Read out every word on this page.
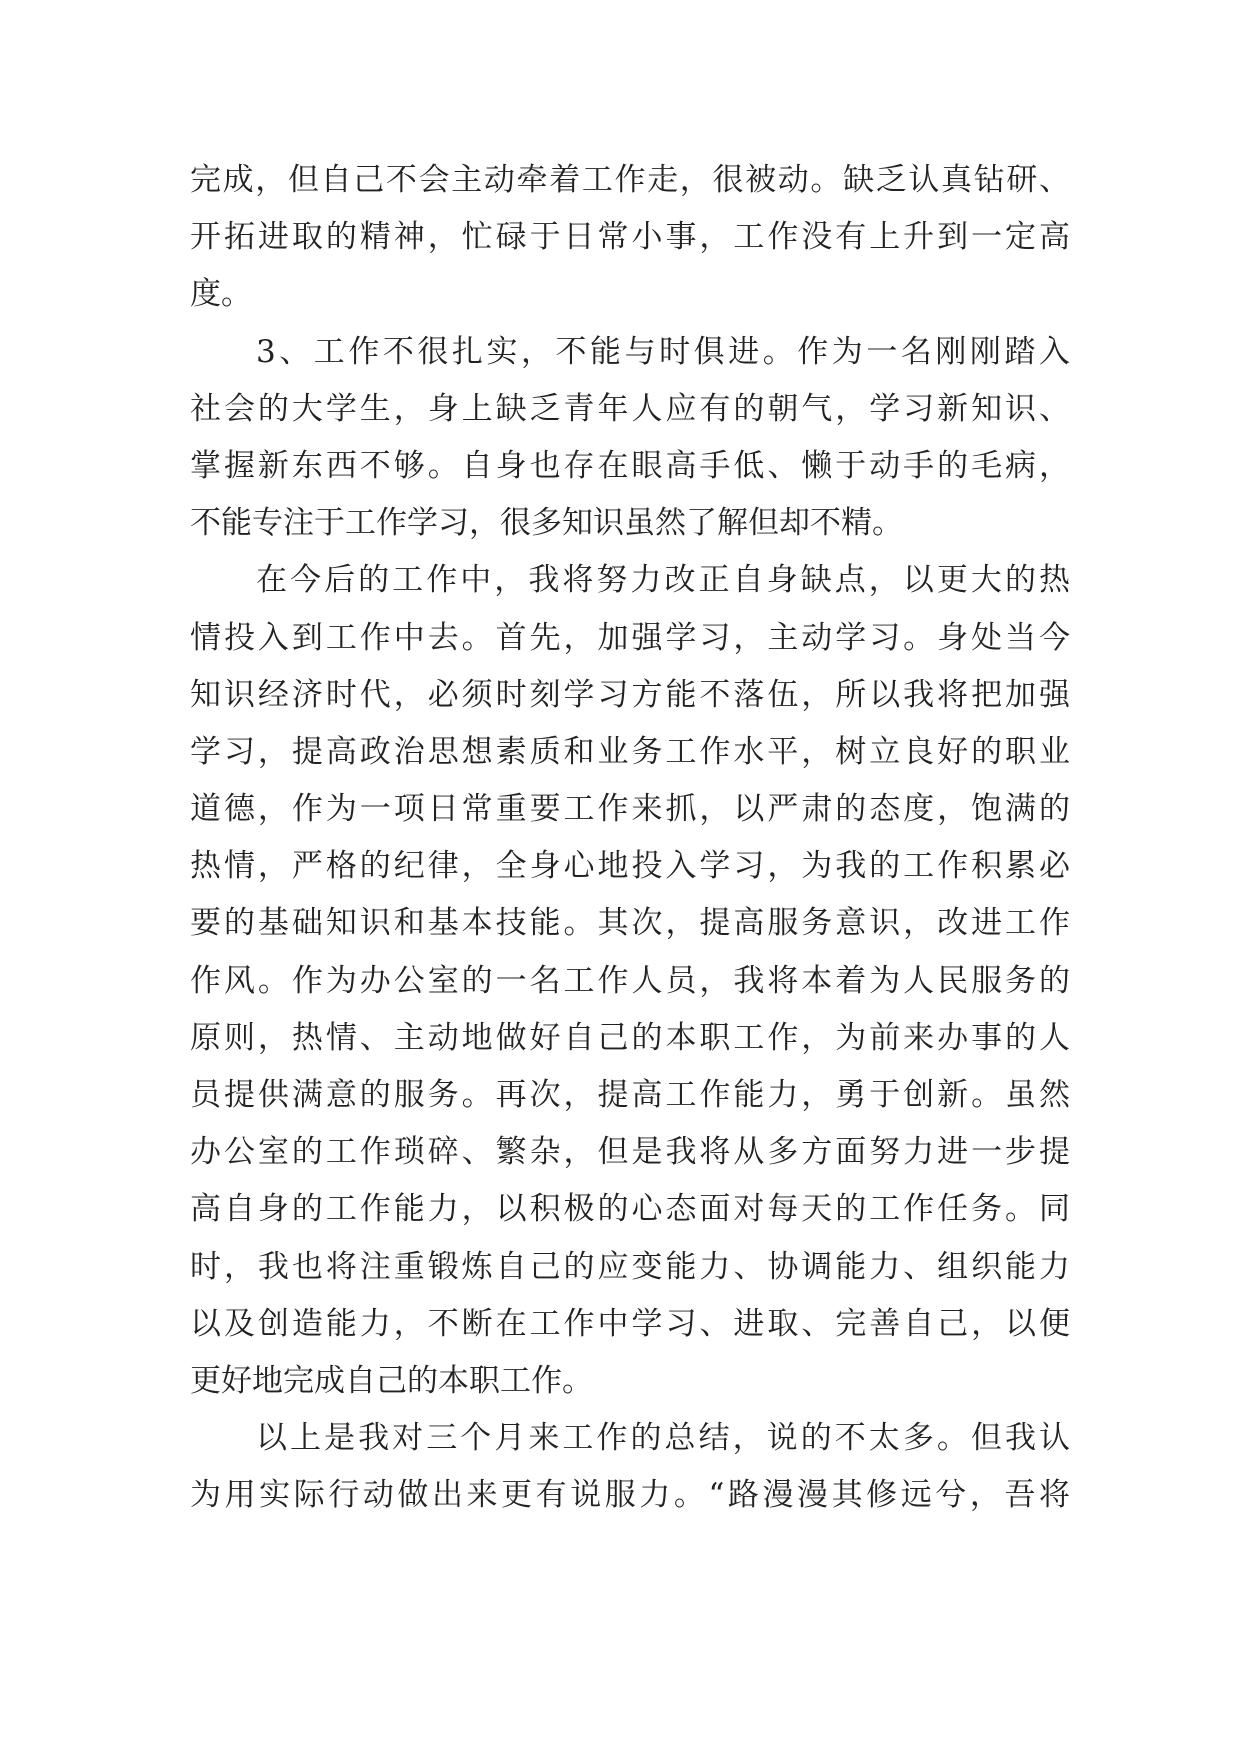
完成，但自己不会主动牵着工作走，很被动。缺乏认真钻研、
开拓进取的精神，忙碌于日常小事，工作没有上升到一定高
度。
3、工作不很扎实，不能与时俱进。作为一名刚刚踏入
社会的大学生，身上缺乏青年人应有的朝气，学习新知识、
掌握新东西不够。自身也存在眼高手低、懒于动手的毛病，
不能专注于工作学习，很多知识虽然了解但却不精。
在今后的工作中，我将努力改正自身缺点，以更大的热
情投入到工作中去。首先，加强学习，主动学习。身处当今
知识经济时代，必须时刻学习方能不落伍，所以我将把加强
学习，提高政治思想素质和业务工作水平，树立良好的职业
道德，作为一项日常重要工作来抓，以严肃的态度，饱满的
热情，严格的纪律，全身心地投入学习，为我的工作积累必
要的基础知识和基本技能。其次，提高服务意识，改进工作
作风。作为办公室的一名工作人员，我将本着为人民服务的
原则，热情、主动地做好自己的本职工作，为前来办事的人
员提供满意的服务。再次，提高工作能力，勇于创新。虽然
办公室的工作琐碎、繁杂，但是我将从多方面努力进一步提
高自身的工作能力，以积极的心态面对每天的工作任务。同
时，我也将注重锻炼自己的应变能力、协调能力、组织能力
以及创造能力，不断在工作中学习、进取、完善自己，以便
更好地完成自己的本职工作。
以上是我对三个月来工作的总结，说的不太多。但我认
为用实际行动做出来更有说服力。“路漫漫其修远兮，吾将
